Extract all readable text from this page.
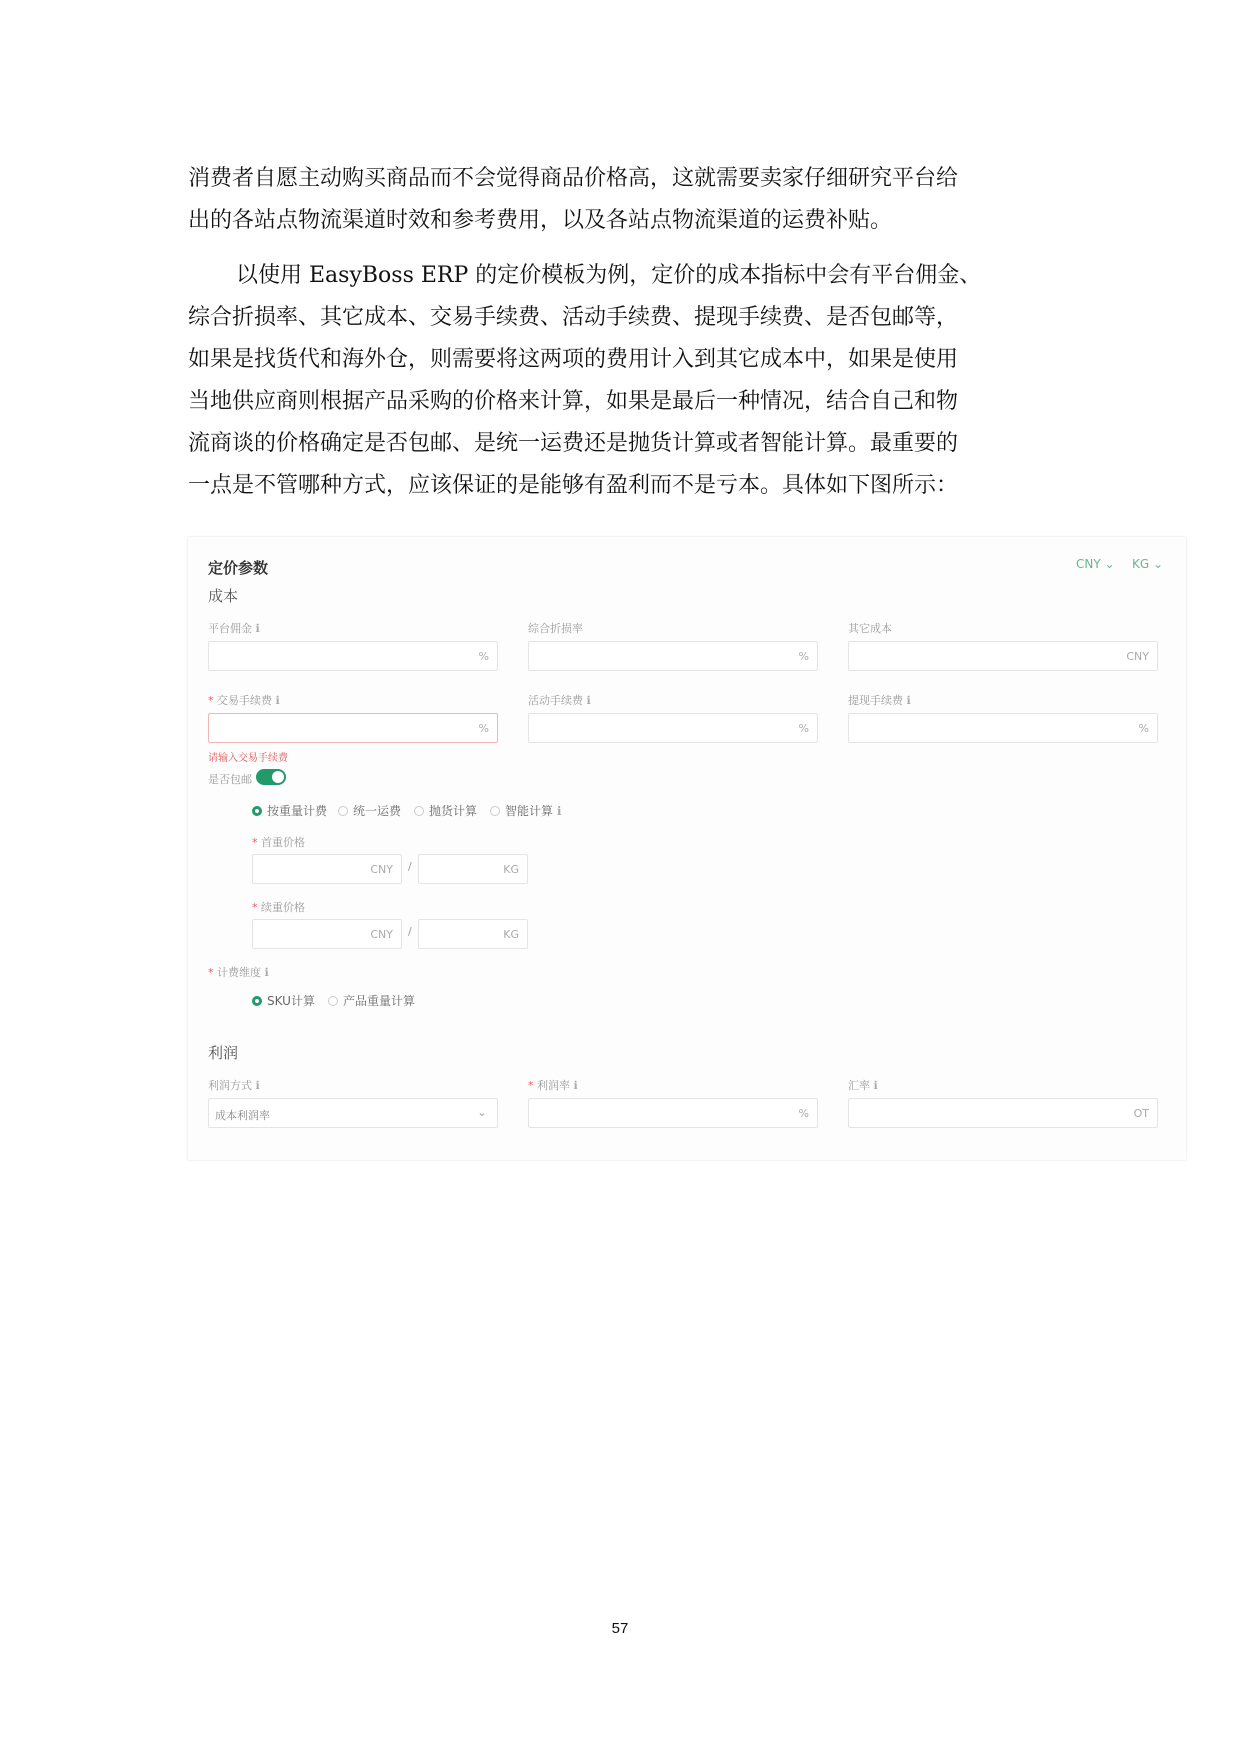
消费者自愿主动购买商品而不会觉得商品价格高，这就需要卖家仔细研究平台给
出的各站点物流渠道时效和参考费用，以及各站点物流渠道的运费补贴。
以使用 EasyBoss ERP 的定价模板为例，定价的成本指标中会有平台佣金、
综合折损率、其它成本、交易手续费、活动手续费、提现手续费、是否包邮等，
如果是找货代和海外仓，则需要将这两项的费用计入到其它成本中，如果是使用
当地供应商则根据产品采购的价格来计算，如果是最后一种情况，结合自己和物
流商谈的价格确定是否包邮、是统一运费还是抛货计算或者智能计算。最重要的
一点是不管哪种方式，应该保证的是能够有盈利而不是亏本。具体如下图所示：
定价参数	CNY ⌄	KG ⌄
成本
平台佣金 ℹ
%
综合折损率
%
其它成本
CNY
* 交易手续费 ℹ
%
活动手续费 ℹ
%
提现手续费 ℹ
%
请输入交易手续费
是否包邮
按重量计费	统一运费	抛货计算	智能计算 ℹ
* 首重价格
CNY /	KG
* 续重价格
CNY /	KG
* 计费维度 ℹ
SKU计算	产品重量计算
利润
利润方式 ℹ
成本利润率	⌄
* 利润率 ℹ
%
汇率 ℹ
OT
57
